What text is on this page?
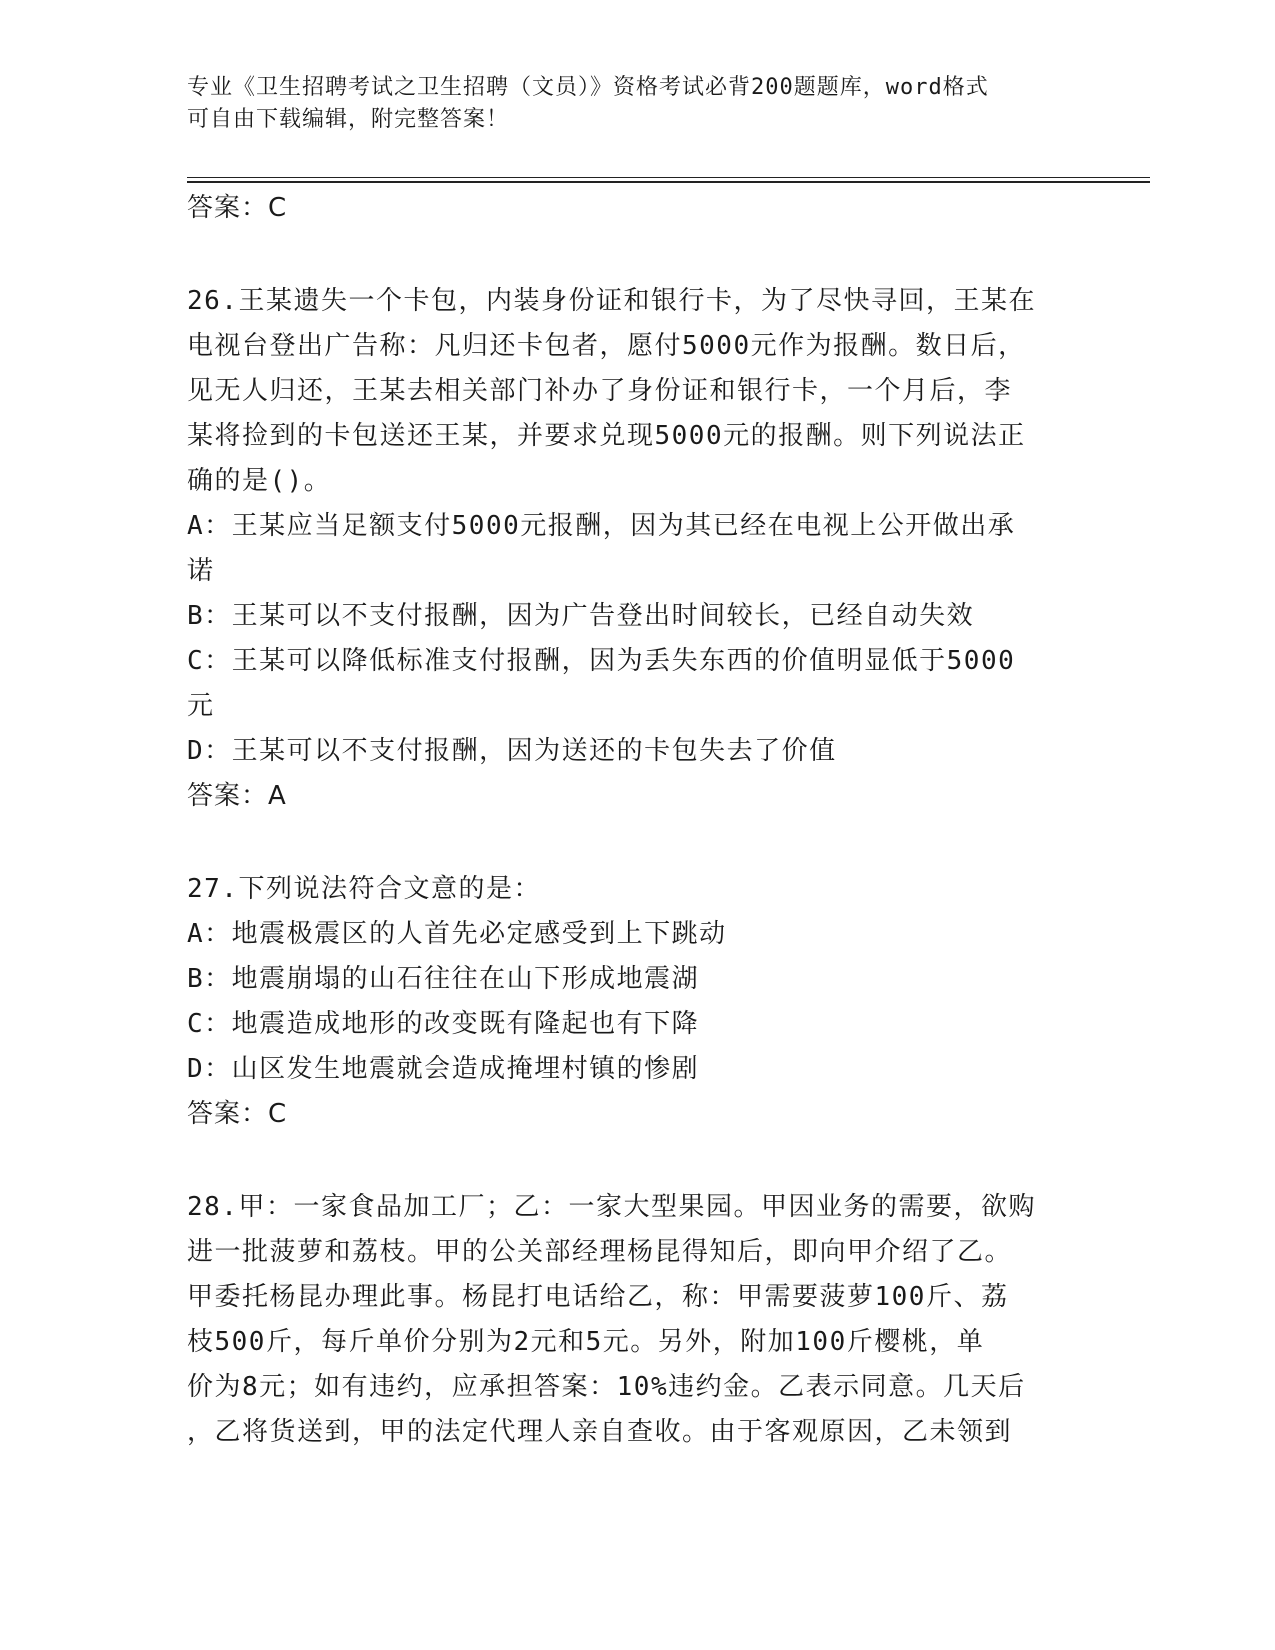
专业《卫生招聘考试之卫生招聘（文员）》资格考试必背200题题库，word格式
可自由下载编辑，附完整答案！
答案：C
26.王某遗失一个卡包，内装身份证和银行卡，为了尽快寻回，王某在
电视台登出广告称：凡归还卡包者，愿付5000元作为报酬。数日后，
见无人归还，王某去相关部门补办了身份证和银行卡，一个月后，李
某将捡到的卡包送还王某，并要求兑现5000元的报酬。则下列说法正
确的是()。
A：王某应当足额支付5000元报酬，因为其已经在电视上公开做出承
诺
B：王某可以不支付报酬，因为广告登出时间较长，已经自动失效
C：王某可以降低标准支付报酬，因为丢失东西的价值明显低于5000
元
D：王某可以不支付报酬，因为送还的卡包失去了价值
答案：A
27.下列说法符合文意的是：
A：地震极震区的人首先必定感受到上下跳动
B：地震崩塌的山石往往在山下形成地震湖
C：地震造成地形的改变既有隆起也有下降
D：山区发生地震就会造成掩埋村镇的惨剧
答案：C
28.甲：一家食品加工厂；乙：一家大型果园。甲因业务的需要，欲购
进一批菠萝和荔枝。甲的公关部经理杨昆得知后，即向甲介绍了乙。
甲委托杨昆办理此事。杨昆打电话给乙，称：甲需要菠萝100斤、荔
枝500斤，每斤单价分别为2元和5元。另外，附加100斤樱桃，单
价为8元；如有违约，应承担答案：10%违约金。乙表示同意。几天后
，乙将货送到，甲的法定代理人亲自查收。由于客观原因，乙未领到
